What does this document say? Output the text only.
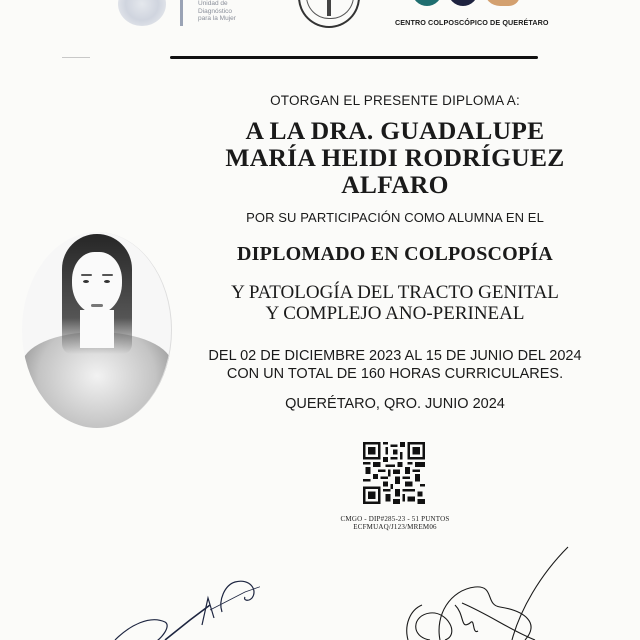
Unidad de
Diagnóstico
para la Mujer	CENTRO COLPOSCÓPICO DE QUERÉTARO
OTORGAN EL PRESENTE DIPLOMA A:
A LA DRA. GUADALUPE
MARÍA HEIDI RODRÍGUEZ
ALFARO
POR SU PARTICIPACIÓN COMO ALUMNA EN EL
DIPLOMADO EN COLPOSCOPÍA
Y PATOLOGÍA DEL TRACTO GENITAL
Y COMPLEJO ANO-PERINEAL
DEL 02 DE DICIEMBRE 2023 AL 15 DE JUNIO DEL 2024
CON UN TOTAL DE 160 HORAS CURRICULARES.
QUERÉTARO, QRO. JUNIO 2024
CMGO - DIP#285-23 - 51 PUNTOS
ECFMUAQ/J123/MREM06
